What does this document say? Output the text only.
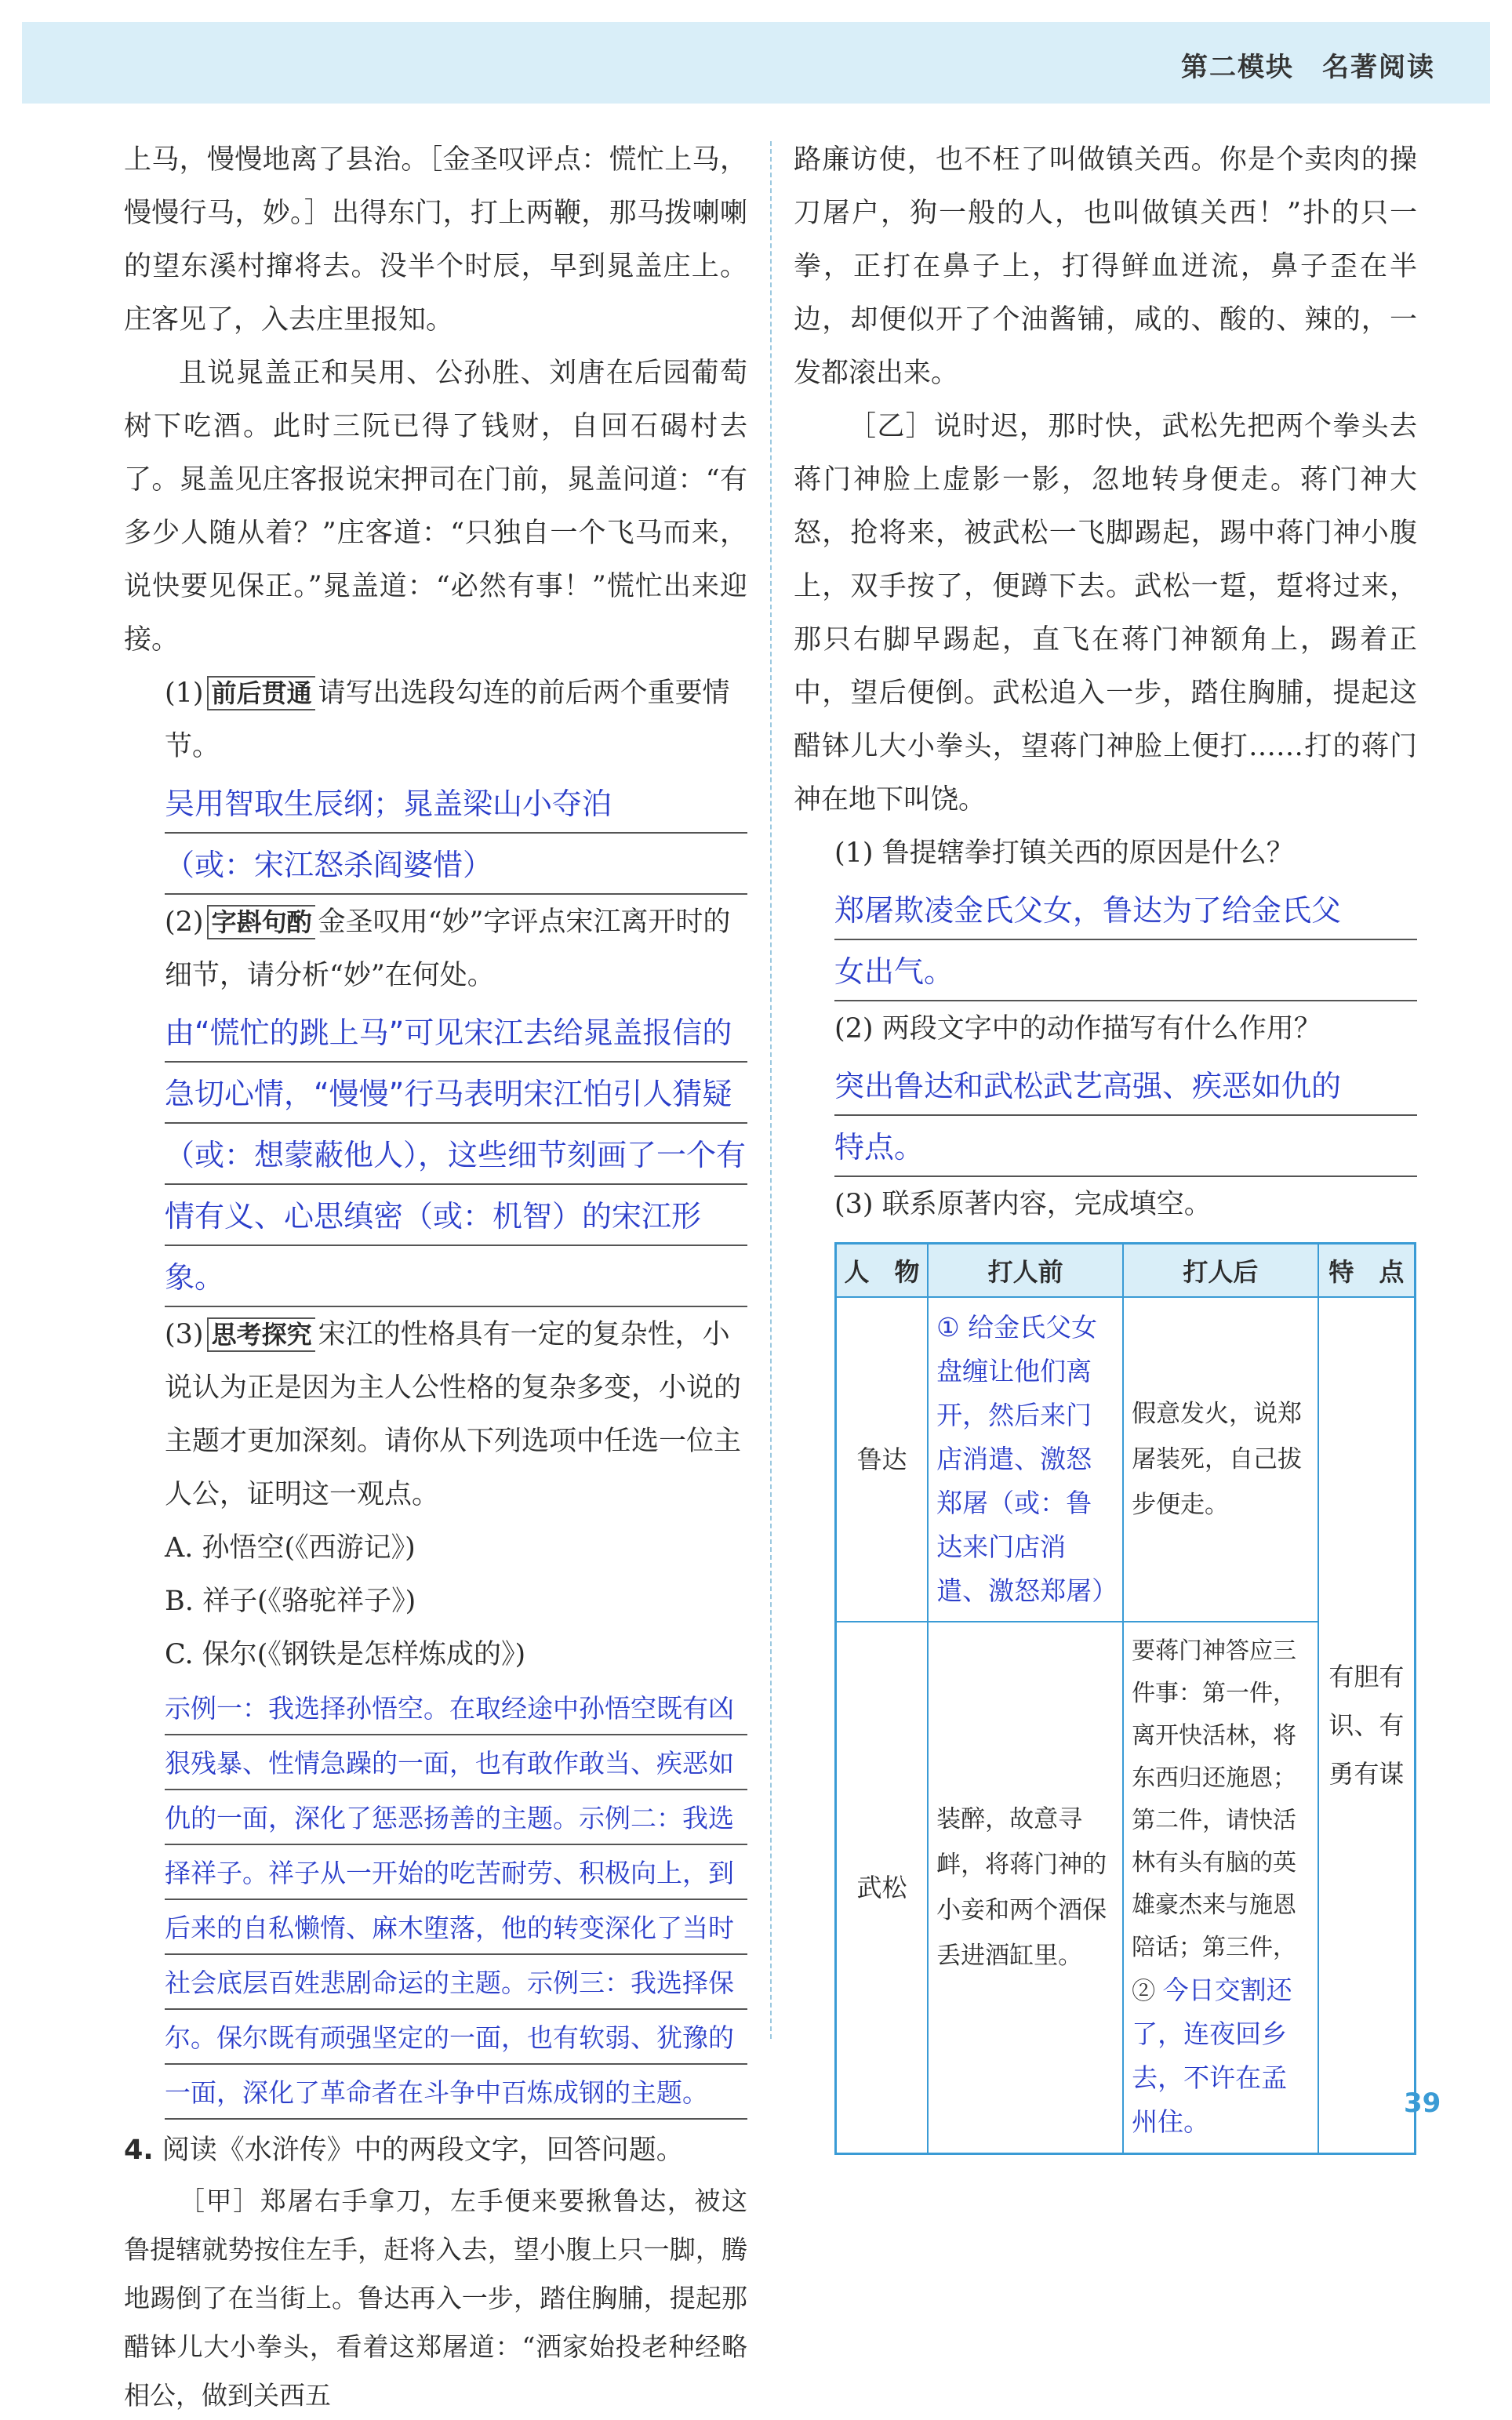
第二模块　名著阅读

上马，慢慢地离了县治。［金圣叹评点：慌忙上马，慢慢行马，妙。］出得东门，打上两鞭，那马拨喇喇的望东溪村撺将去。没半个时辰，早到晁盖庄上。庄客见了，入去庄里报知。

且说晁盖正和吴用、公孙胜、刘唐在后园葡萄树下吃酒。此时三阮已得了钱财，自回石碣村去了。晁盖见庄客报说宋押司在门前，晁盖问道：“有多少人随从着？”庄客道：“只独自一个飞马而来，说快要见保正。”晁盖道：“必然有事！”慌忙出来迎接。

(1) 前后贯通 请写出选段勾连的前后两个重要情节。

吴用智取生辰纲；晁盖梁山小夺泊
（或：宋江怒杀阎婆惜）

(2) 字斟句酌 金圣叹用“妙”字评点宋江离开时的细节，请分析“妙”在何处。

由“慌忙的跳上马”可见宋江去给晁盖报信的急切心情，“慢慢”行马表明宋江怕引人猜疑（或：想蒙蔽他人），这些细节刻画了一个有情有义、心思缜密（或：机智）的宋江形象。

(3) 思考探究 宋江的性格具有一定的复杂性，小说认为正是因为主人公性格的复杂多变，小说的主题才更加深刻。请你从下列选项中任选一位主人公，证明这一观点。

A. 孙悟空(《西游记》)

B. 祥子(《骆驼祥子》)

C. 保尔(《钢铁是怎样炼成的》)

示例一：我选择孙悟空。在取经途中孙悟空既有凶狠残暴、性情急躁的一面，也有敢作敢当、疾恶如仇的一面，深化了惩恶扬善的主题。示例二：我选择祥子。祥子从一开始的吃苦耐劳、积极向上，到后来的自私懒惰、麻木堕落，他的转变深化了当时社会底层百姓悲剧命运的主题。示例三：我选择保尔。保尔既有顽强坚定的一面，也有软弱、犹豫的一面，深化了革命者在斗争中百炼成钢的主题。

4. 阅读《水浒传》中的两段文字，回答问题。

［甲］郑屠右手拿刀，左手便来要揪鲁达，被这鲁提辖就势按住左手，赶将入去，望小腹上只一脚，腾地踢倒了在当街上。鲁达再入一步，踏住胸脯，提起那醋钵儿大小拳头，看着这郑屠道：“洒家始投老种经略相公，做到关西五

路廉访使，也不枉了叫做镇关西。你是个卖肉的操刀屠户，狗一般的人，也叫做镇关西！”扑的只一拳，正打在鼻子上，打得鲜血迸流，鼻子歪在半边，却便似开了个油酱铺，咸的、酸的、辣的，一发都滚出来。

［乙］说时迟，那时快，武松先把两个拳头去蒋门神脸上虚影一影，忽地转身便走。蒋门神大怒，抢将来，被武松一飞脚踢起，踢中蒋门神小腹上，双手按了，便蹲下去。武松一踅，踅将过来，那只右脚早踢起，直飞在蒋门神额角上，踢着正中，望后便倒。武松追入一步，踏住胸脯，提起这醋钵儿大小拳头，望蒋门神脸上便打……打的蒋门神在地下叫饶。

(1) 鲁提辖拳打镇关西的原因是什么？

郑屠欺凌金氏父女，鲁达为了给金氏父
女出气。

(2) 两段文字中的动作描写有什么作用？

突出鲁达和武松武艺高强、疾恶如仇的
特点。

(3) 联系原著内容，完成填空。

人　物	打人前	打人后	特　点
鲁达	① 给金氏父女盘缠让他们离开，然后来门店消遣、激怒郑屠（或：鲁达来门店消遣、激怒郑屠）	假意发火，说郑屠装死，自己拔步便走。	有胆有识、有勇有谋
武松	装醉，故意寻衅，将蒋门神的小妾和两个酒保丢进酒缸里。	要蒋门神答应三件事：第一件，离开快活林，将东西归还施恩；第二件，请快活林有头有脑的英雄豪杰来与施恩陪话；第三件，② 今日交割还了，连夜回乡去，不许在孟州住。	
39
